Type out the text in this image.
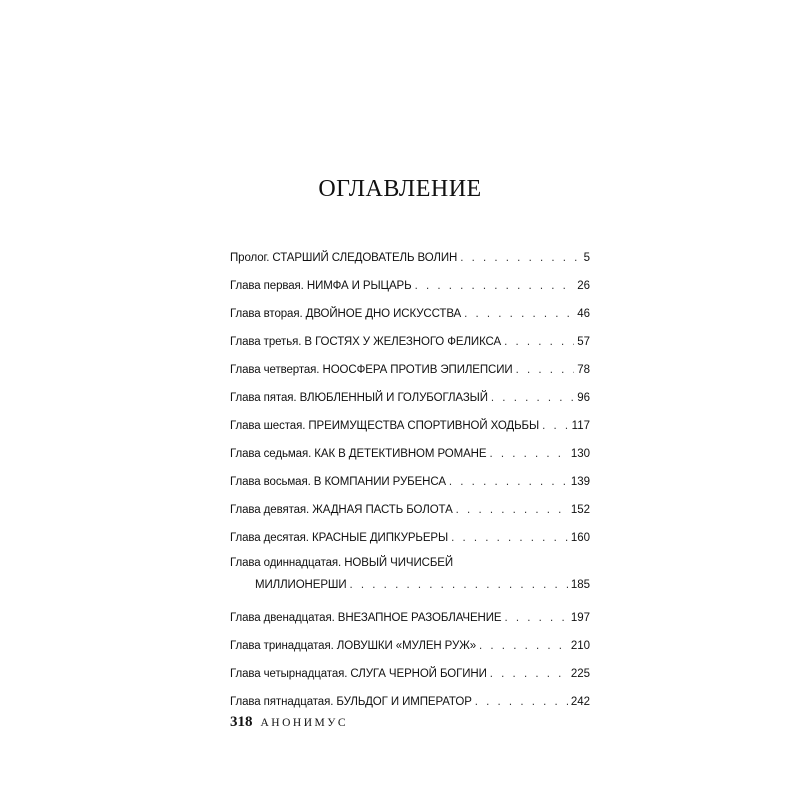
ОГЛАВЛЕНИЕ
Пролог. СТАРШИЙ СЛЕДОВАТЕЛЬ ВОЛИН . . .	5
Глава первая. НИМФА И РЫЦАРЬ . . .	26
Глава вторая. ДВОЙНОЕ ДНО ИСКУССТВА . . .	46
Глава третья. В ГОСТЯХ У ЖЕЛЕЗНОГО ФЕЛИКСА . . .	57
Глава четвертая. НООСФЕРА ПРОТИВ ЭПИЛЕПСИИ . . .	78
Глава пятая. ВЛЮБЛЕННЫЙ И ГОЛУБОГЛАЗЫЙ . . .	96
Глава шестая. ПРЕИМУЩЕСТВА СПОРТИВНОЙ ХОДЬБЫ . . .	117
Глава седьмая. КАК В ДЕТЕКТИВНОМ РОМАНЕ . . .	130
Глава восьмая. В КОМПАНИИ РУБЕНСА . . .	139
Глава девятая. ЖАДНАЯ ПАСТЬ БОЛОТА . . .	152
Глава десятая. КРАСНЫЕ ДИПКУРЬЕРЫ . . .	160
Глава одиннадцатая. НОВЫЙ ЧИЧИСБЕЙ
МИЛЛИОНЕРШИ . . .	185
Глава двенадцатая. ВНЕЗАПНОЕ РАЗОБЛАЧЕНИЕ . . .	197
Глава тринадцатая. ЛОВУШКИ «МУЛЕН РУЖ» . . .	210
Глава четырнадцатая. СЛУГА ЧЕРНОЙ БОГИНИ . . .	225
Глава пятнадцатая. БУЛЬДОГ И ИМПЕРАТОР . . .	242
318 АНОНИМУС
